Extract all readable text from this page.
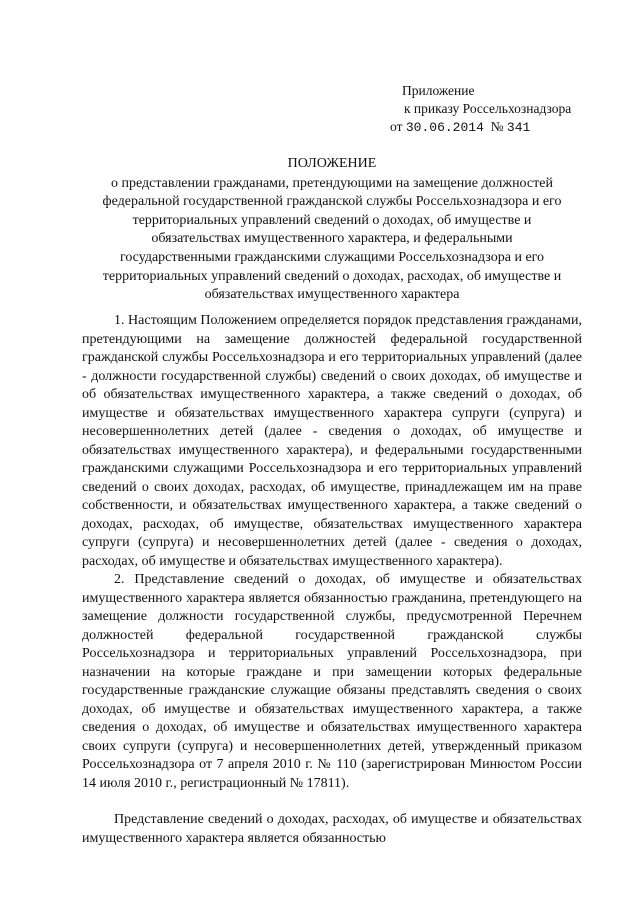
Приложение
к приказу Россельхознадзора
от 30.06.2014 № 341
ПОЛОЖЕНИЕ
о представлении гражданами, претендующими на замещение должностей
федеральной государственной гражданской службы Россельхознадзора и его
территориальных управлений сведений о доходах, об имуществе и
обязательствах имущественного характера, и федеральными
государственными гражданскими служащими Россельхознадзора и его
территориальных управлений сведений о доходах, расходах, об имуществе и
обязательствах имущественного характера

1. Настоящим Положением определяется порядок представления гражданами, претендующими на замещение должностей федеральной государственной гражданской службы Россельхознадзора и его территориальных управлений (далее - должности государственной службы) сведений о своих доходах, об имуществе и об обязательствах имущественного характера, а также сведений о доходах, об имуществе и обязательствах имущественного характера супруги (супруга) и несовершеннолетних детей (далее - сведения о доходах, об имуществе и обязательствах имущественного характера), и федеральными государственными гражданскими служащими Россельхознадзора и его территориальных управлений сведений о своих доходах, расходах, об имуществе, принадлежащем им на праве собственности, и обязательствах имущественного характера, а также сведений о доходах, расходах, об имуществе, обязательствах имущественного характера супруги (супруга) и несовершеннолетних детей (далее - сведения о доходах, расходах, об имуществе и обязательствах имущественного характера).

2. Представление сведений о доходах, об имуществе и обязательствах имущественного характера является обязанностью гражданина, претендующего на замещение должности государственной службы, предусмотренной Перечнем должностей федеральной государственной гражданской службы Россельхознадзора и территориальных управлений Россельхознадзора, при назначении на которые граждане и при замещении которых федеральные государственные гражданские служащие обязаны представлять сведения о своих доходах, об имуществе и обязательствах имущественного характера, а также сведения о доходах, об имуществе и обязательствах имущественного характера своих супруги (супруга) и несовершеннолетних детей, утвержденный приказом Россельхознадзора от 7 апреля 2010 г. № 110 (зарегистрирован Минюстом России 14 июля 2010 г., регистрационный № 17811).

Представление сведений о доходах, расходах, об имуществе и обязательствах имущественного характера является обязанностью
